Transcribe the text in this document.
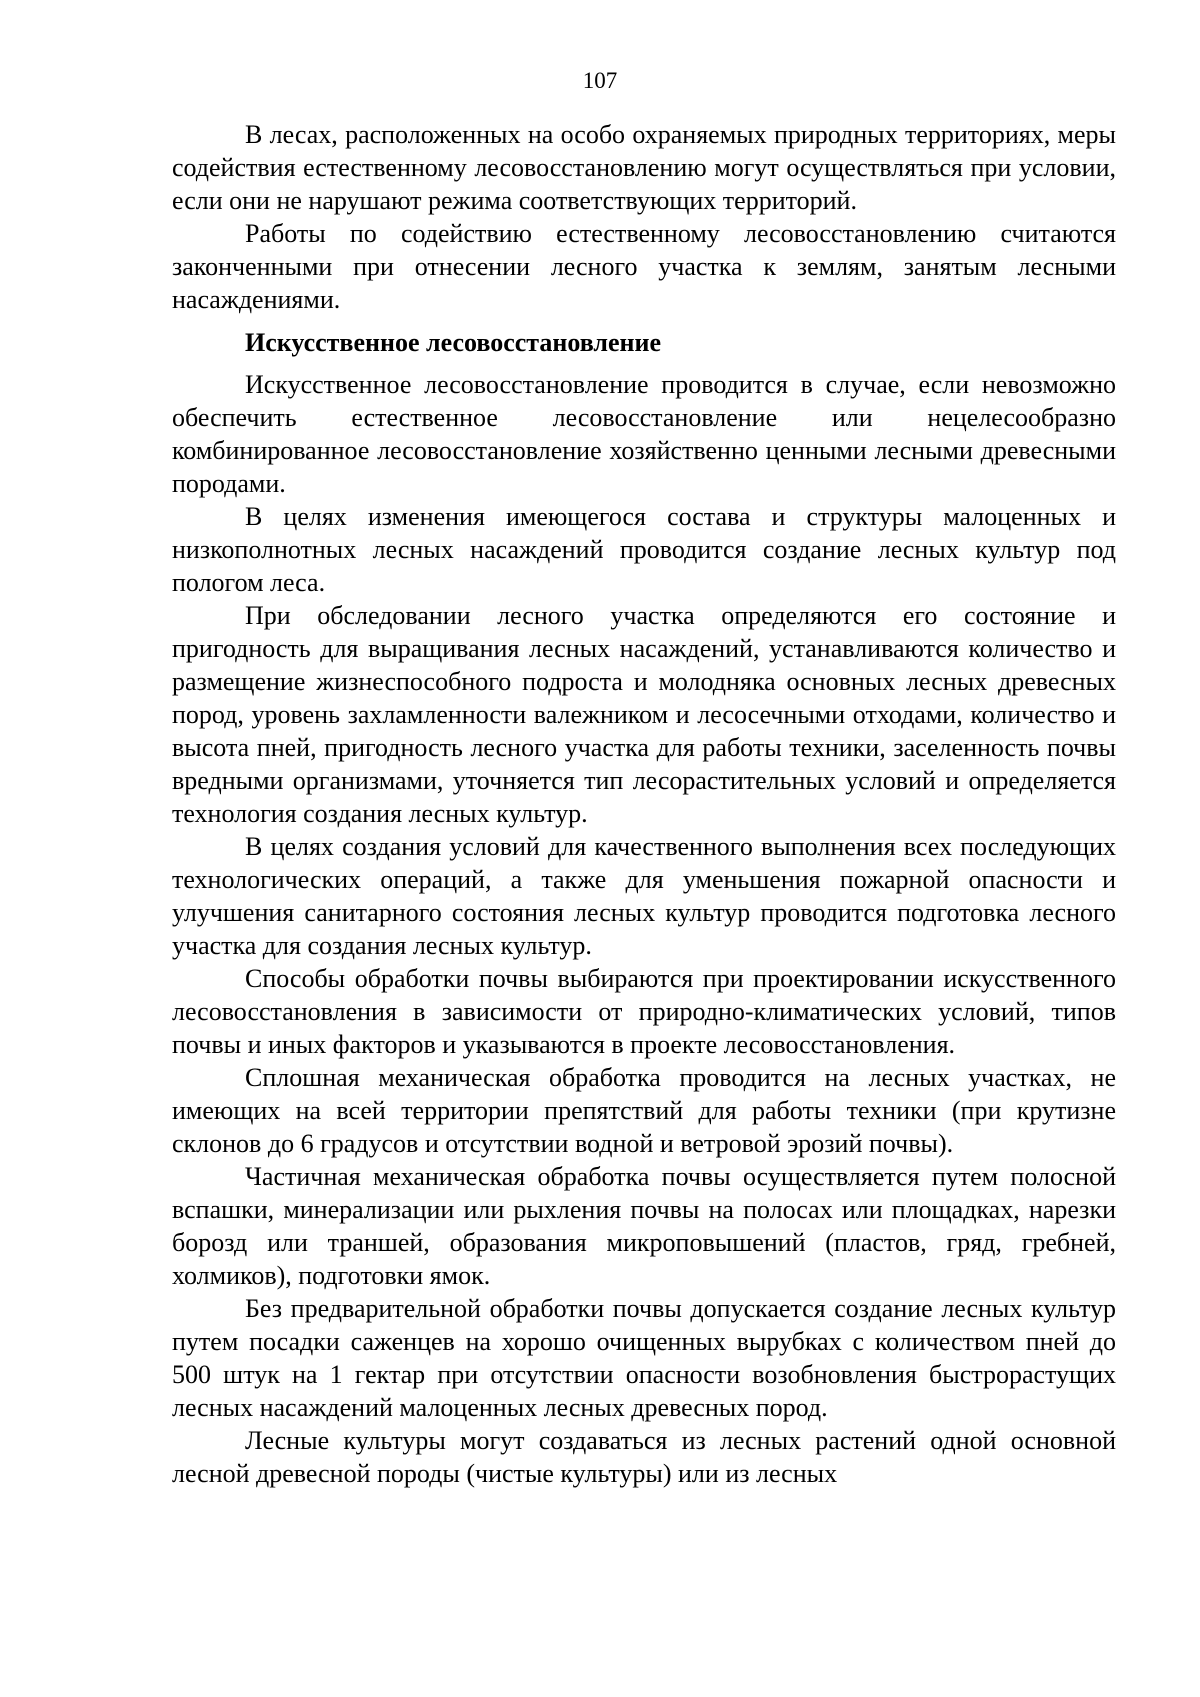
107

В лесах, расположенных на особо охраняемых природных территориях, меры содействия естественному лесовосстановлению могут осуществляться при условии, если они не нарушают режима соответствующих территорий.

Работы по содействию естественному лесовосстановлению считаются законченными при отнесении лесного участка к землям, занятым лесными насаждениями.

Искусственное лесовосстановление

Искусственное лесовосстановление проводится в случае, если невозможно обеспечить естественное лесовосстановление или нецелесообразно комбинированное лесовосстановление хозяйственно ценными лесными древесными породами.

В целях изменения имеющегося состава и структуры малоценных и низкополнотных лесных насаждений проводится создание лесных культур под пологом леса.

При обследовании лесного участка определяются его состояние и пригодность для выращивания лесных насаждений, устанавливаются количество и размещение жизнеспособного подроста и молодняка основных лесных древесных пород, уровень захламленности валежником и лесосечными отходами, количество и высота пней, пригодность лесного участка для работы техники, заселенность почвы вредными организмами, уточняется тип лесорастительных условий и определяется технология создания лесных культур.

В целях создания условий для качественного выполнения всех последующих технологических операций, а также для уменьшения пожарной опасности и улучшения санитарного состояния лесных культур проводится подготовка лесного участка для создания лесных культур.

Способы обработки почвы выбираются при проектировании искусственного лесовосстановления в зависимости от природно-климатических условий, типов почвы и иных факторов и указываются в проекте лесовосстановления.

Сплошная механическая обработка проводится на лесных участках, не имеющих на всей территории препятствий для работы техники (при крутизне склонов до 6 градусов и отсутствии водной и ветровой эрозий почвы).

Частичная механическая обработка почвы осуществляется путем полосной вспашки, минерализации или рыхления почвы на полосах или площадках, нарезки борозд или траншей, образования микроповышений (пластов, гряд, гребней, холмиков), подготовки ямок.

Без предварительной обработки почвы допускается создание лесных культур путем посадки саженцев на хорошо очищенных вырубках с количеством пней до 500 штук на 1 гектар при отсутствии опасности возобновления быстрорастущих лесных насаждений малоценных лесных древесных пород.

Лесные культуры могут создаваться из лесных растений одной основной лесной древесной породы (чистые культуры) или из лесных
